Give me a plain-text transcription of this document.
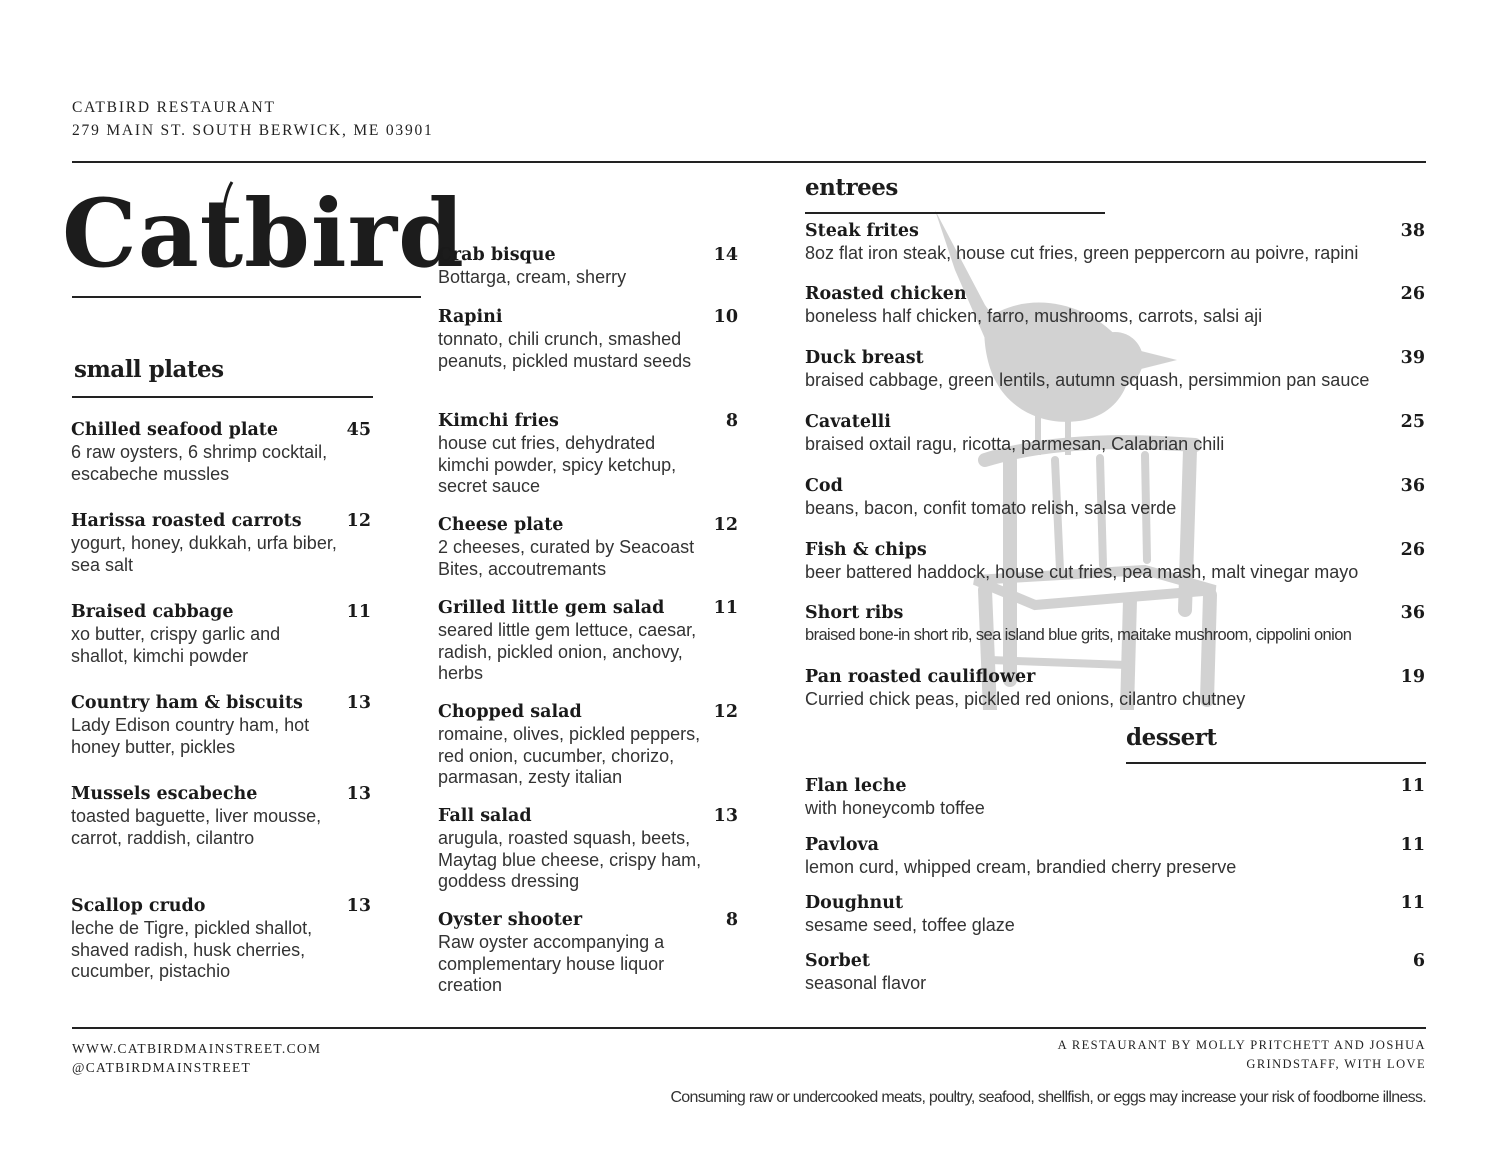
CATBIRD RESTAURANT
279 MAIN ST. SOUTH BERWICK, ME 03901
Catbird
small plates
Chilled seafood plate	45
6 raw oysters, 6 shrimp cocktail, escabeche mussles
Harissa roasted carrots	12
yogurt, honey, dukkah, urfa biber, sea salt
Braised cabbage	11
xo butter, crispy garlic and shallot, kimchi powder
Country ham & biscuits	13
Lady Edison country ham, hot honey butter, pickles
Mussels escabeche	13
toasted baguette, liver mousse, carrot, raddish, cilantro
Scallop crudo	13
leche de Tigre, pickled shallot, shaved radish, husk cherries, cucumber, pistachio
Crab bisque	14
Bottarga, cream, sherry
Rapini	10
tonnato, chili crunch, smashed peanuts, pickled mustard seeds
Kimchi fries	8
house cut fries, dehydrated kimchi powder, spicy ketchup, secret sauce
Cheese plate	12
2 cheeses, curated by Seacoast Bites, accoutremants
Grilled little gem salad	11
seared little gem lettuce, caesar, radish, pickled onion, anchovy, herbs
Chopped salad	12
romaine, olives, pickled peppers, red onion, cucumber, chorizo, parmasan, zesty italian
Fall salad	13
arugula, roasted squash, beets, Maytag blue cheese, crispy ham, goddess dressing
Oyster shooter	8
Raw oyster accompanying a complementary house liquor creation
entrees
Steak frites	38
8oz flat iron steak, house cut fries, green peppercorn au poivre, rapini
Roasted chicken	26
boneless half chicken, farro, mushrooms, carrots, salsi aji
Duck breast	39
braised cabbage, green lentils, autumn squash, persimmion pan sauce
Cavatelli	25
braised oxtail ragu, ricotta, parmesan, Calabrian chili
Cod	36
beans, bacon, confit tomato relish, salsa verde
Fish & chips	26
beer battered haddock, house cut fries, pea mash, malt vinegar mayo
Short ribs	36
braised bone-in short rib, sea island blue grits, maitake mushroom, cippolini onion
Pan roasted cauliflower	19
Curried chick peas, pickled red onions, cilantro chutney
dessert
Flan leche	11
with honeycomb toffee
Pavlova	11
lemon curd, whipped cream, brandied cherry preserve
Doughnut	11
sesame seed, toffee glaze
Sorbet	6
seasonal flavor
WWW.CATBIRDMAINSTREET.COM
@CATBIRDMAINSTREET
A RESTAURANT BY MOLLY PRITCHETT AND JOSHUA
GRINDSTAFF, WITH LOVE
Consuming raw or undercooked meats, poultry, seafood, shellfish, or eggs may increase your risk of foodborne illness.
